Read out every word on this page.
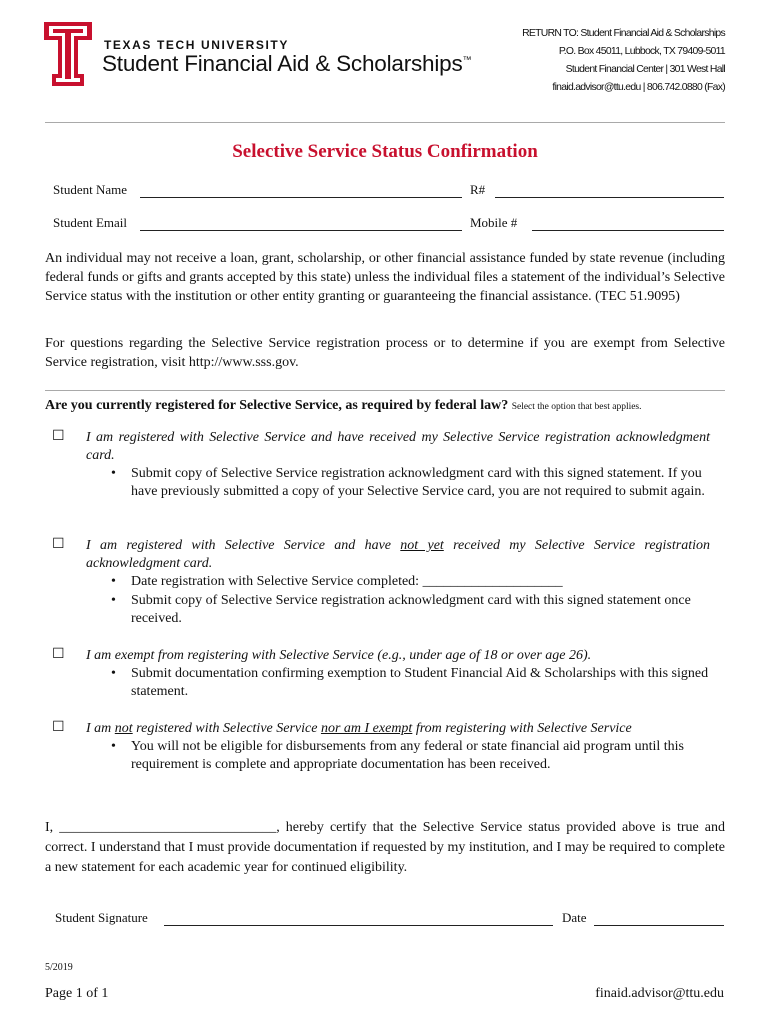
TEXAS TECH UNIVERSITY
Student Financial Aid & Scholarships™
RETURN TO: Student Financial Aid & Scholarships
P.O. Box 45011, Lubbock, TX 79409-5011
Student Financial Center | 301 West Hall
finaid.advisor@ttu.edu | 806.742.0880 (Fax)
Selective Service Status Confirmation
Student Name	R#
Student Email	Mobile #
An individual may not receive a loan, grant, scholarship, or other financial assistance funded by state revenue (including federal funds or gifts and grants accepted by this state) unless the individual files a statement of the individual’s Selective Service status with the institution or other entity granting or guaranteeing the financial assistance. (TEC 51.9095)
For questions regarding the Selective Service registration process or to determine if you are exempt from Selective Service registration, visit http://www.sss.gov.
Are you currently registered for Selective Service, as required by federal law? Select the option that best applies.
☐ I am registered with Selective Service and have received my Selective Service registration acknowledgment card.
• Submit copy of Selective Service registration acknowledgment card with this signed statement. If you have previously submitted a copy of your Selective Service card, you are not required to submit again.
☐ I am registered with Selective Service and have not yet received my Selective Service registration acknowledgment card.
• Date registration with Selective Service completed: ____________________
• Submit copy of Selective Service registration acknowledgment card with this signed statement once received.
☐ I am exempt from registering with Selective Service (e.g., under age of 18 or over age 26).
• Submit documentation confirming exemption to Student Financial Aid & Scholarships with this signed statement.
☐ I am not registered with Selective Service nor am I exempt from registering with Selective Service
• You will not be eligible for disbursements from any federal or state financial aid program until this requirement is complete and appropriate documentation has been received.
I, _______________________________, hereby certify that the Selective Service status provided above is true and correct. I understand that I must provide documentation if requested by my institution, and I may be required to complete a new statement for each academic year for continued eligibility.
Student Signature	Date
5/2019
Page 1 of 1	finaid.advisor@ttu.edu
